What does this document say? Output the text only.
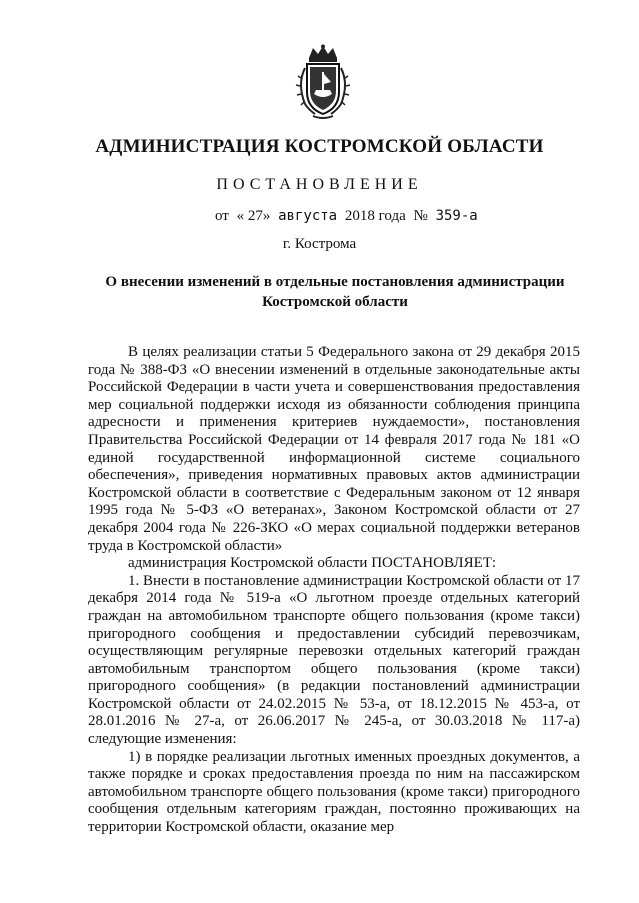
АДМИНИСТРАЦИЯ КОСТРОМСКОЙ ОБЛАСТИ
ПОСТАНОВЛЕНИЕ
от « 27» августа 2018 года № 359-а
г. Кострома
О внесении изменений в отдельные постановления администрации Костромской области

В целях реализации статьи 5 Федерального закона от 29 декабря 2015 года № 388-ФЗ «О внесении изменений в отдельные законодательные акты Российской Федерации в части учета и совершенствования предоставления мер социальной поддержки исходя из обязанности соблюдения принципа адресности и применения критериев нуждаемости», постановления Правительства Российской Федерации от 14 февраля 2017 года № 181 «О единой государственной информационной системе социального обеспечения», приведения нормативных правовых актов администрации Костромской области в соответствие с Федеральным законом от 12 января 1995 года № 5-ФЗ «О ветеранах», Законом Костромской области от 27 декабря 2004 года № 226-ЗКО «О мерах социальной поддержки ветеранов труда в Костромской области»

администрация Костромской области ПОСТАНОВЛЯЕТ:

1. Внести в постановление администрации Костромской области от 17 декабря 2014 года № 519-а «О льготном проезде отдельных категорий граждан на автомобильном транспорте общего пользования (кроме такси) пригородного сообщения и предоставлении субсидий перевозчикам, осуществляющим регулярные перевозки отдельных категорий граждан автомобильным транспортом общего пользования (кроме такси) пригородного сообщения» (в редакции постановлений администрации Костромской области от 24.02.2015 № 53-а, от 18.12.2015 № 453-а, от 28.01.2016 № 27-а, от 26.06.2017 № 245-а, от 30.03.2018 № 117-а) следующие изменения:

1) в порядке реализации льготных именных проездных документов, а также порядке и сроках предоставления проезда по ним на пассажирском автомобильном транспорте общего пользования (кроме такси) пригородного сообщения отдельным категориям граждан, постоянно проживающих на территории Костромской области, оказание мер
